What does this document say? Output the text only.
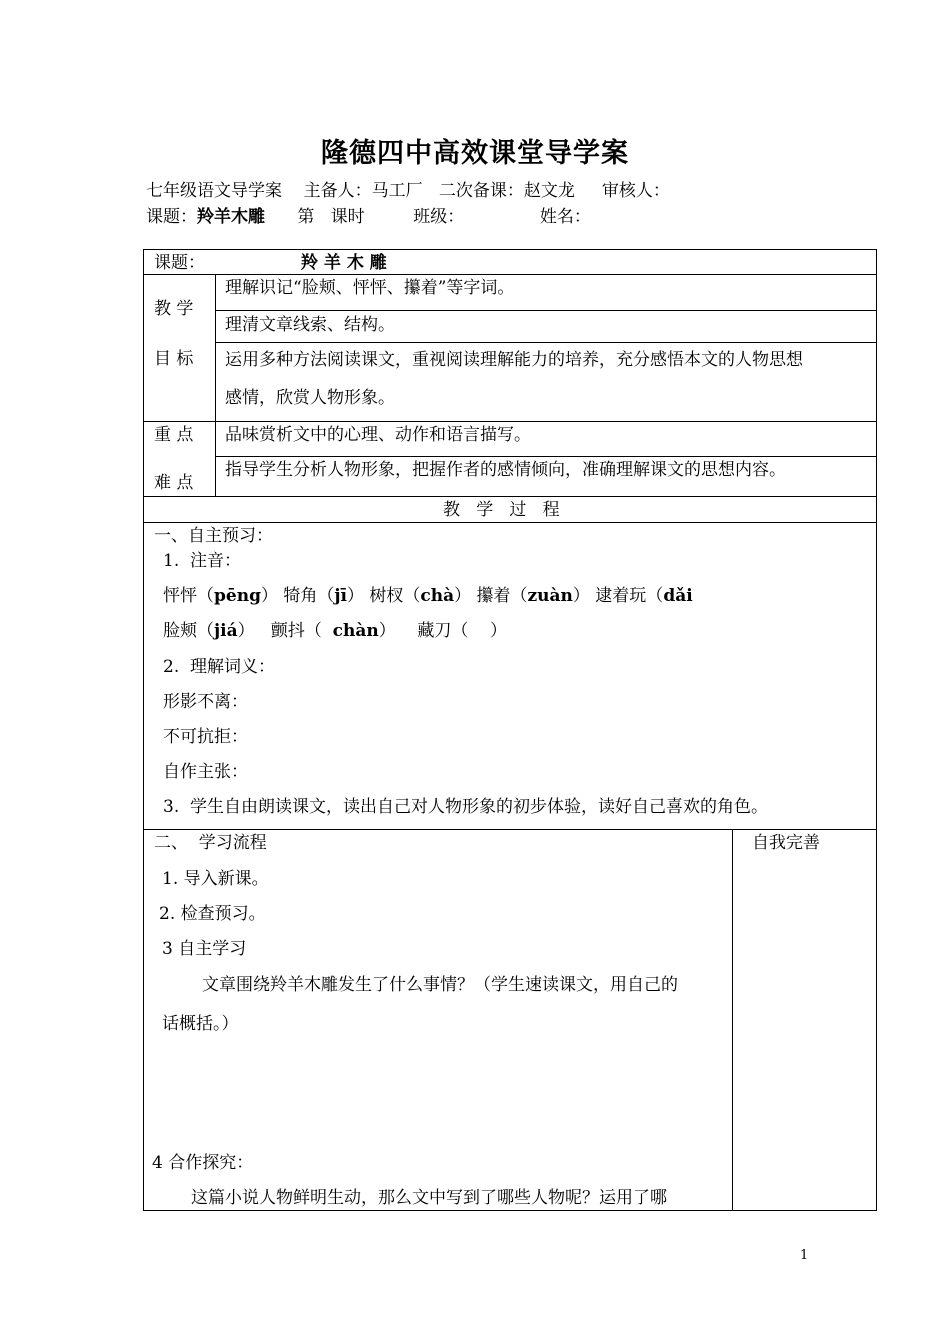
隆德四中高效课堂导学案
七年级语文导学案    主备人：马工厂   二次备课：赵文龙     审核人：
课题：羚羊木雕      第   课时         班级：              姓名：
课题：	羚 羊 木 雕
教 学
目 标
理解识记“脸颊、怦怦、攥着”等字词。
理清文章线索、结构。
运用多种方法阅读课文，重视阅读理解能力的培养，充分感悟本文的人物思想
感情，欣赏人物形象。
重 点
难 点
品味赏析文中的心理、动作和语言描写。
指导学生分析人物形象，把握作者的感情倾向，准确理解课文的思想内容。
教   学   过   程
一、自主预习：
1.  注音：
怦怦（pēng） 犄角（jī） 树杈（chà） 攥着（zuàn） 逮着玩（dǎi
脸颊（jiá）   颤抖（  chàn）    藏刀（    ）
2.  理解词义：
形影不离：
不可抗拒：
自作主张：
3.  学生自由朗读课文，读出自己对人物形象的初步体验，读好自己喜欢的角色。
二、  学习流程	自我完善
1. 导入新课。
2. 检查预习。
3 自主学习
文章围绕羚羊木雕发生了什么事情？（学生速读课文，用自己的
话概括。）
4 合作探究：
这篇小说人物鲜明生动，那么文中写到了哪些人物呢？运用了哪
1
